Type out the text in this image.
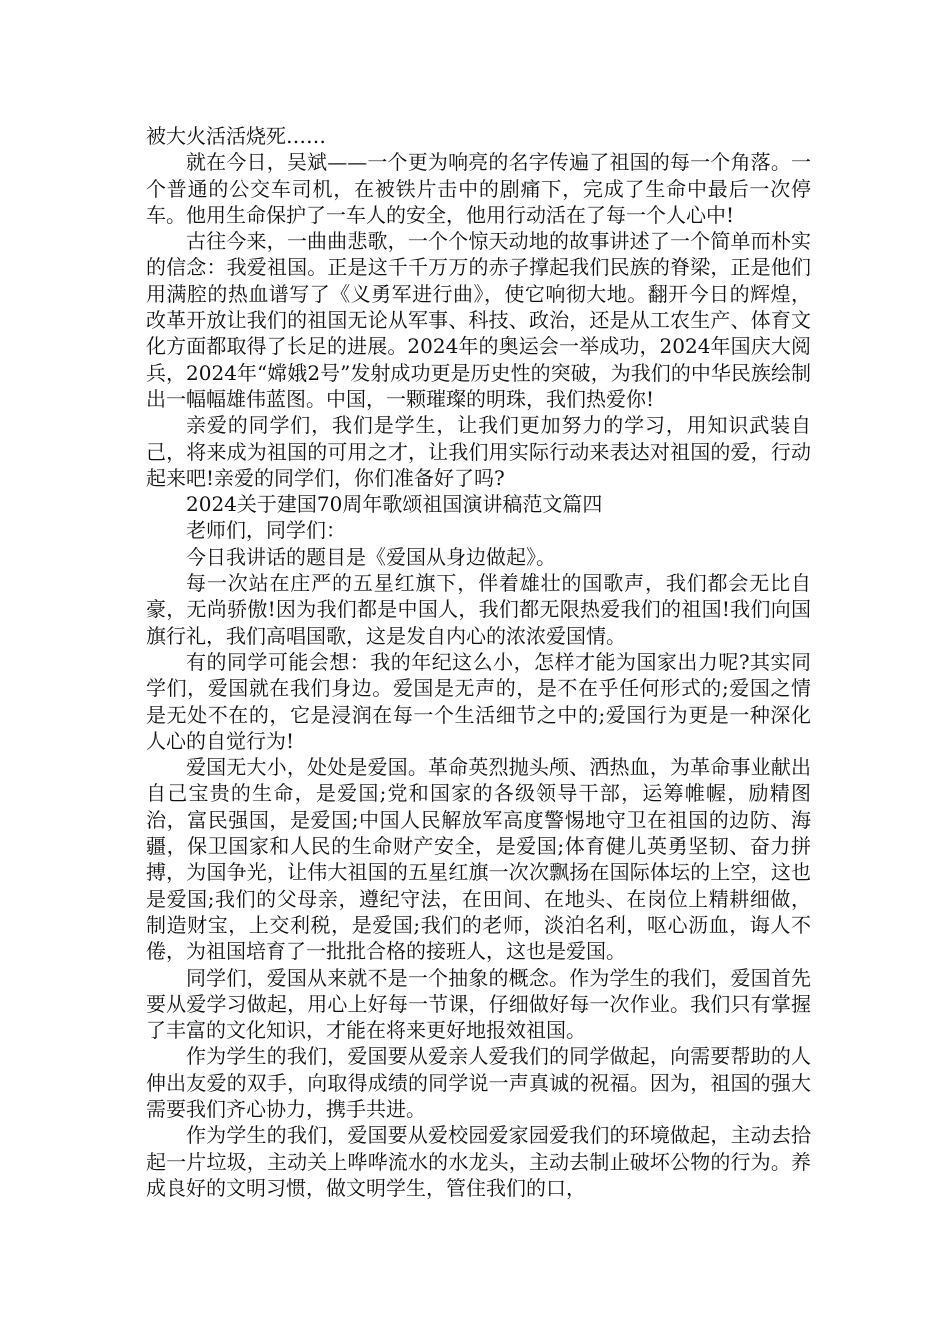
被大火活活烧死……

就在今日，吴斌——一个更为响亮的名字传遍了祖国的每一个角落。一个普通的公交车司机，在被铁片击中的剧痛下，完成了生命中最后一次停车。他用生命保护了一车人的安全，他用行动活在了每一个人心中!

古往今来，一曲曲悲歌，一个个惊天动地的故事讲述了一个简单而朴实的信念：我爱祖国。正是这千千万万的赤子撑起我们民族的脊梁，正是他们用满腔的热血谱写了《义勇军进行曲》，使它响彻大地。翻开今日的辉煌，改革开放让我们的祖国无论从军事、科技、政治，还是从工农生产、体育文化方面都取得了长足的进展。2024年的奥运会一举成功，2024年国庆大阅兵，2024年“嫦娥2号”发射成功更是历史性的突破，为我们的中华民族绘制出一幅幅雄伟蓝图。中国，一颗璀璨的明珠，我们热爱你!

亲爱的同学们，我们是学生，让我们更加努力的学习，用知识武装自己，将来成为祖国的可用之才，让我们用实际行动来表达对祖国的爱，行动起来吧!亲爱的同学们，你们准备好了吗?

2024关于建国70周年歌颂祖国演讲稿范文篇四

老师们，同学们：

今日我讲话的题目是《爱国从身边做起》。

每一次站在庄严的五星红旗下，伴着雄壮的国歌声，我们都会无比自豪，无尚骄傲!因为我们都是中国人，我们都无限热爱我们的祖国!我们向国旗行礼，我们高唱国歌，这是发自内心的浓浓爱国情。

有的同学可能会想：我的年纪这么小，怎样才能为国家出力呢?其实同学们，爱国就在我们身边。爱国是无声的，是不在乎任何形式的;爱国之情是无处不在的，它是浸润在每一个生活细节之中的;爱国行为更是一种深化人心的自觉行为!

爱国无大小，处处是爱国。革命英烈抛头颅、洒热血，为革命事业献出自己宝贵的生命，是爱国;党和国家的各级领导干部，运筹帷幄，励精图治，富民强国，是爱国;中国人民解放军高度警惕地守卫在祖国的边防、海疆，保卫国家和人民的生命财产安全，是爱国;体育健儿英勇坚韧、奋力拼搏，为国争光，让伟大祖国的五星红旗一次次飘扬在国际体坛的上空，这也是爱国;我们的父母亲，遵纪守法，在田间、在地头、在岗位上精耕细做，制造财宝，上交利税，是爱国;我们的老师，淡泊名利，呕心沥血，诲人不倦，为祖国培育了一批批合格的接班人，这也是爱国。

同学们，爱国从来就不是一个抽象的概念。作为学生的我们，爱国首先要从爱学习做起，用心上好每一节课，仔细做好每一次作业。我们只有掌握了丰富的文化知识，才能在将来更好地报效祖国。

作为学生的我们，爱国要从爱亲人爱我们的同学做起，向需要帮助的人伸出友爱的双手，向取得成绩的同学说一声真诚的祝福。因为，祖国的强大需要我们齐心协力，携手共进。

作为学生的我们，爱国要从爱校园爱家园爱我们的环境做起，主动去拾起一片垃圾，主动关上哗哗流水的水龙头，主动去制止破坏公物的行为。养成良好的文明习惯，做文明学生，管住我们的口，
